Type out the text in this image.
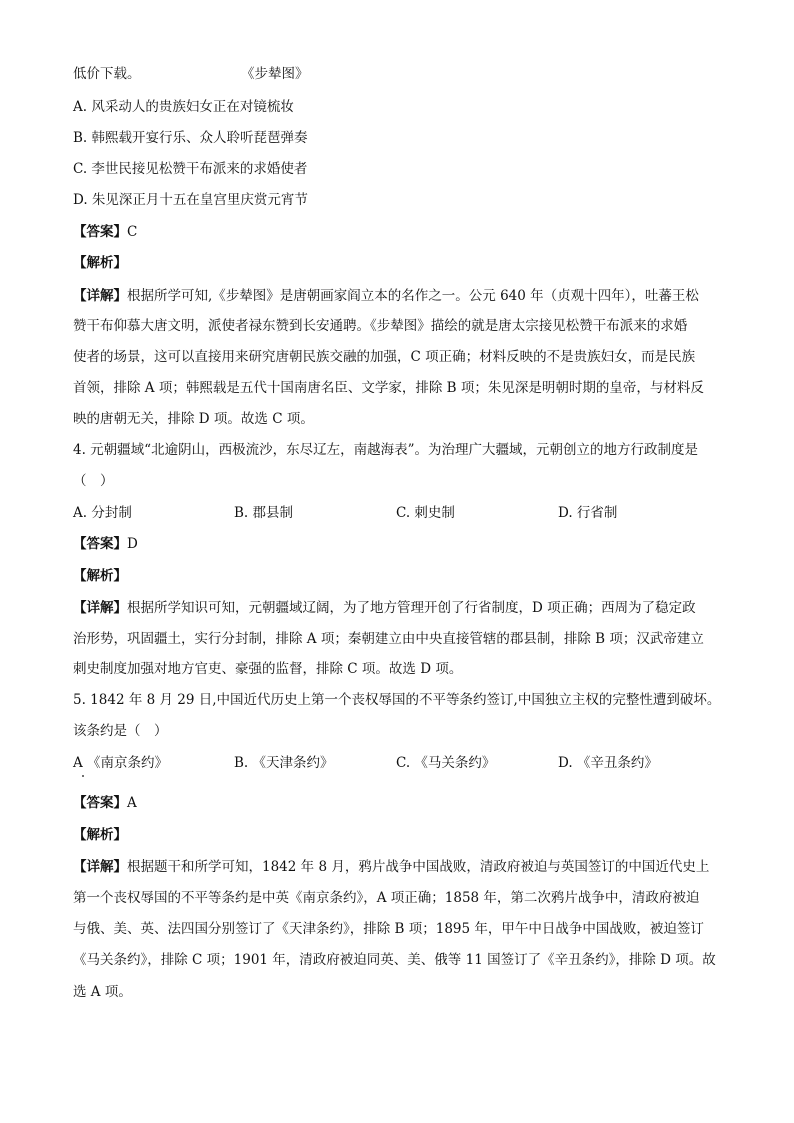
低价下载。	《步辇图》
A. 风采动人的贵族妇女正在对镜梳妆
B. 韩熙载开宴行乐、众人聆听琵琶弹奏
C. 李世民接见松赞干布派来的求婚使者
D. 朱见深正月十五在皇宫里庆赏元宵节
【答案】C
【解析】
【详解】根据所学可知,《步辇图》是唐朝画家阎立本的名作之一。公元 640 年（贞观十四年），吐蕃王松
赞干布仰慕大唐文明，派使者禄东赞到长安通聘。《步辇图》描绘的就是唐太宗接见松赞干布派来的求婚
使者的场景，这可以直接用来研究唐朝民族交融的加强，C 项正确；材料反映的不是贵族妇女，而是民族
首领，排除 A 项；韩熙载是五代十国南唐名臣、文学家，排除 B 项；朱见深是明朝时期的皇帝，与材料反
映的唐朝无关，排除 D 项。故选 C 项。
4. 元朝疆域“北逾阴山，西极流沙，东尽辽左，南越海表”。为治理广大疆域，元朝创立的地方行政制度是
（　）
A. 分封制	B. 郡县制	C. 刺史制	D. 行省制
【答案】D
【解析】
【详解】根据所学知识可知，元朝疆域辽阔，为了地方管理开创了行省制度，D 项正确；西周为了稳定政
治形势，巩固疆土，实行分封制，排除 A 项；秦朝建立由中央直接管辖的郡县制，排除 B 项；汉武帝建立
刺史制度加强对地方官吏、豪强的监督，排除 C 项。故选 D 项。
5. 1842 年 8 月 29 日,中国近代历史上第一个丧权辱国的不平等条约签订,中国独立主权的完整性遭到破坏。
该条约是（　）
A 《南京条约》	B. 《天津条约》	C. 《马关条约》	D. 《辛丑条约》
【答案】A
【解析】
【详解】根据题干和所学可知，1842 年 8 月，鸦片战争中国战败，清政府被迫与英国签订的中国近代史上
第一个丧权辱国的不平等条约是中英《南京条约》，A 项正确；1858 年，第二次鸦片战争中，清政府被迫
与俄、美、英、法四国分别签订了《天津条约》，排除 B 项；1895 年，甲午中日战争中国战败，被迫签订
《马关条约》，排除 C 项；1901 年，清政府被迫同英、美、俄等 11 国签订了《辛丑条约》，排除 D 项。故
选 A 项。
